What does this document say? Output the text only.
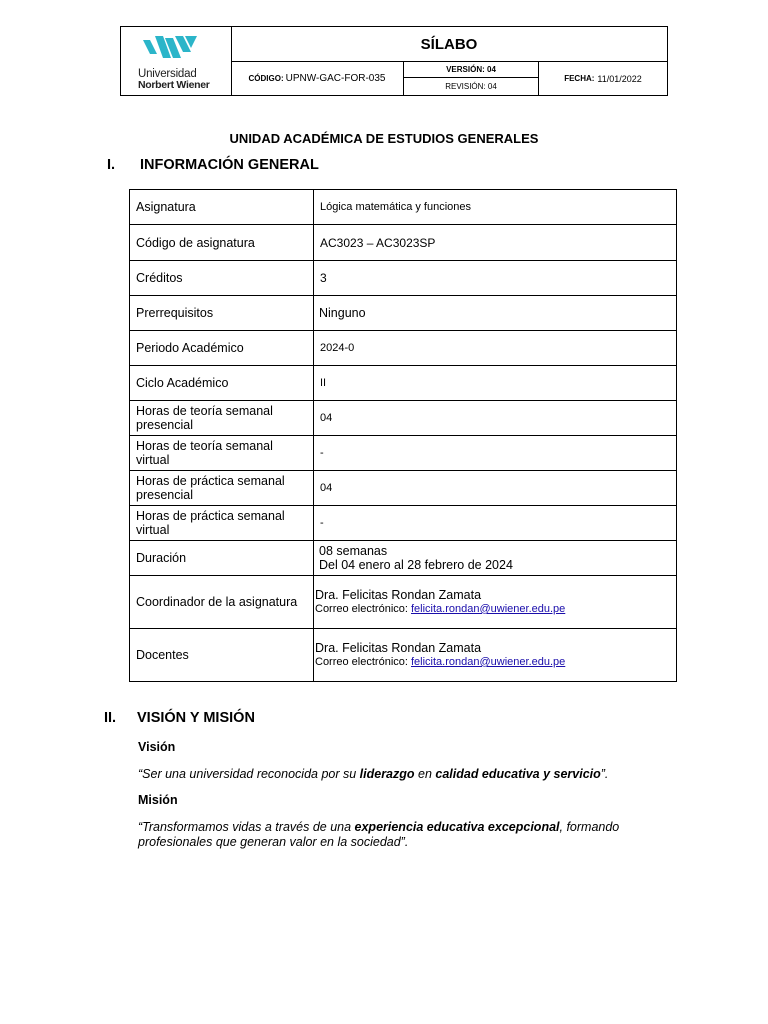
Universidad
Norbert Wiener
SÍLABO
CÓDIGO: UPNW-GAC-FOR-035
VERSIÓN: 04
REVISIÓN: 04
FECHA: 11/01/2022
UNIDAD ACADÉMICA DE ESTUDIOS GENERALES
I. INFORMACIÓN GENERAL
Asignatura	Lógica matemática y funciones
Código de asignatura	AC3023 – AC3023SP
Créditos	3
Prerrequisitos	Ninguno
Periodo Académico	2024-0
Ciclo Académico	II

Horas de teoría semanal
presencial	04

Horas de teoría semanal
virtual	-

Horas de práctica semanal
presencial	04

Horas de práctica semanal
virtual	-
Duración	08 semanas
Del 04 enero al 28 febrero de 2024

Coordinador de la asignatura	Dra. Felicitas Rondan Zamata
Correo electrónico: felicita.rondan@uwiener.edu.pe

Docentes	Dra. Felicitas Rondan Zamata
Correo electrónico: felicita.rondan@uwiener.edu.pe
II. VISIÓN Y MISIÓN
Visión
“Ser una universidad reconocida por su liderazgo en calidad educativa y servicio”.
Misión
“Transformamos vidas a través de una experiencia educativa excepcional, formando profesionales que generan valor en la sociedad”.
